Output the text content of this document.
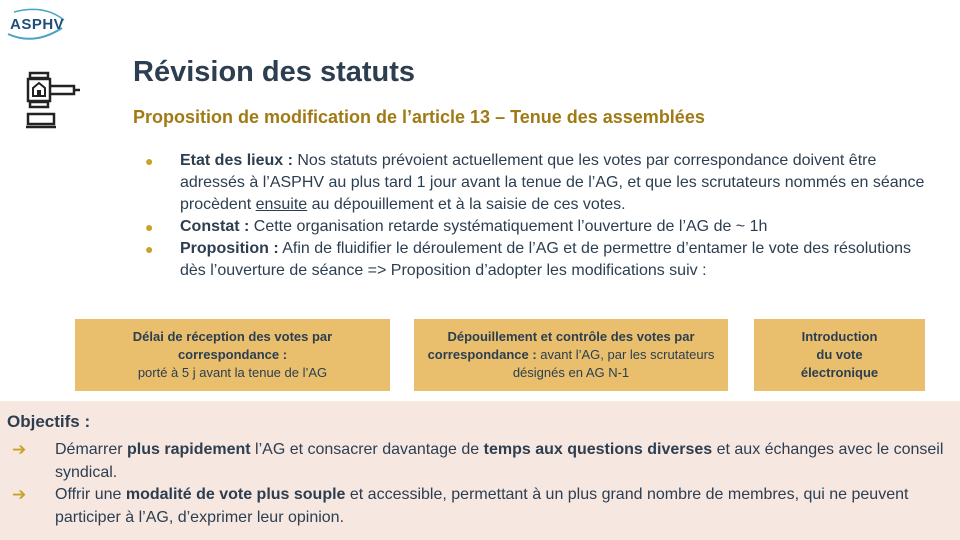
ASPHV
Révision des statuts
Proposition de modification de l’article 13 – Tenue des assemblées
● Etat des lieux : Nos statuts prévoient actuellement que les votes par correspondance doivent être adressés à l’ASPHV au plus tard 1 jour avant la tenue de l’AG, et que les scrutateurs nommés en séance procèdent ensuite au dépouillement et à la saisie de ces votes.
● Constat : Cette organisation retarde systématiquement l’ouverture de l’AG de ~ 1h
● Proposition : Afin de fluidifier le déroulement de l’AG et de permettre d’entamer le vote des résolutions dès l’ouverture de séance => Proposition d’adopter les modifications suiv :
Délai de réception des votes par correspondance :
porté à 5 j avant la tenue de l’AG
Dépouillement et contrôle des votes par correspondance : avant l’AG, par les scrutateurs désignés en AG N-1
Introduction
du vote
électronique

Objectifs :

➔ Démarrer plus rapidement l’AG et consacrer davantage de temps aux questions diverses et aux échanges avec le conseil syndical.
➔ Offrir une modalité de vote plus souple et accessible, permettant à un plus grand nombre de membres, qui ne peuvent participer à l’AG, d’exprimer leur opinion.
